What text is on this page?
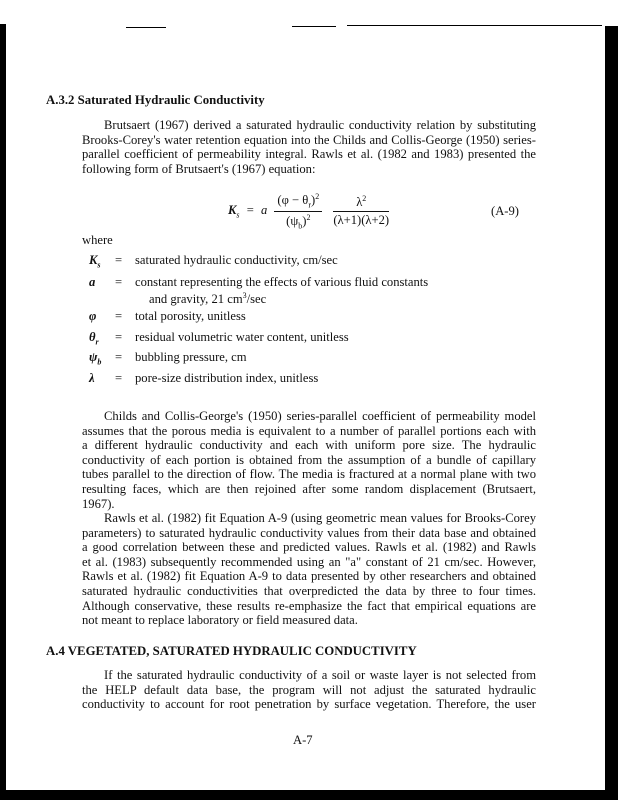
A.3.2 Saturated Hydraulic Conductivity
Brutsaert (1967) derived a saturated hydraulic conductivity relation by substituting
Brooks-Corey's water retention equation into the Childs and Collis-George (1950) series-
parallel coefficient of permeability integral. Rawls et al. (1982 and 1983) presented the
following form of Brutsaert's (1967) equation:
$K_s = a \frac{(\varphi - \theta_r)^2}{(\psi_b)^2}$
$\frac{\lambda^2}{(\lambda+1)(\lambda+2)}$	(A-9)
where
$K_s$ = saturated hydraulic conductivity, cm/sec
a = constant representing the effects of various fluid constants
and gravity, 21 $cm^3/\sec$
φ = total porosity, unitless
$\theta_r$ = residual volumetric water content, unitless
$\psi_b$ = bubbling pressure, cm
λ = pore-size distribution index, unitless
Childs and Collis-George's (1950) series-parallel coefficient of permeability model
assumes that the porous media is equivalent to a number of parallel portions each with
a different hydraulic conductivity and each with uniform pore size. The hydraulic
conductivity of each portion is obtained from the assumption of a bundle of capillary
tubes parallel to the direction of flow. The media is fractured at a normal plane with two
resulting faces, which are then rejoined after some random displacement (Brutsaert,
1967).
Rawls et al. (1982) fit Equation A-9 (using geometric mean values for Brooks-Corey
parameters) to saturated hydraulic conductivity values from their data base and obtained
a good correlation between these and predicted values. Rawls et al. (1982) and Rawls
et al. (1983) subsequently recommended using an "a" constant of 21 cm/sec. However,
Rawls et al. (1982) fit Equation A-9 to data presented by other researchers and obtained
saturated hydraulic conductivities that overpredicted the data by three to four times.
Although conservative, these results re-emphasize the fact that empirical equations are
not meant to replace laboratory or field measured data.
A.4 VEGETATED, SATURATED HYDRAULIC CONDUCTIVITY
If the saturated hydraulic conductivity of a soil or waste layer is not selected from
the HELP default data base, the program will not adjust the saturated hydraulic
conductivity to account for root penetration by surface vegetation. Therefore, the user
A-7
